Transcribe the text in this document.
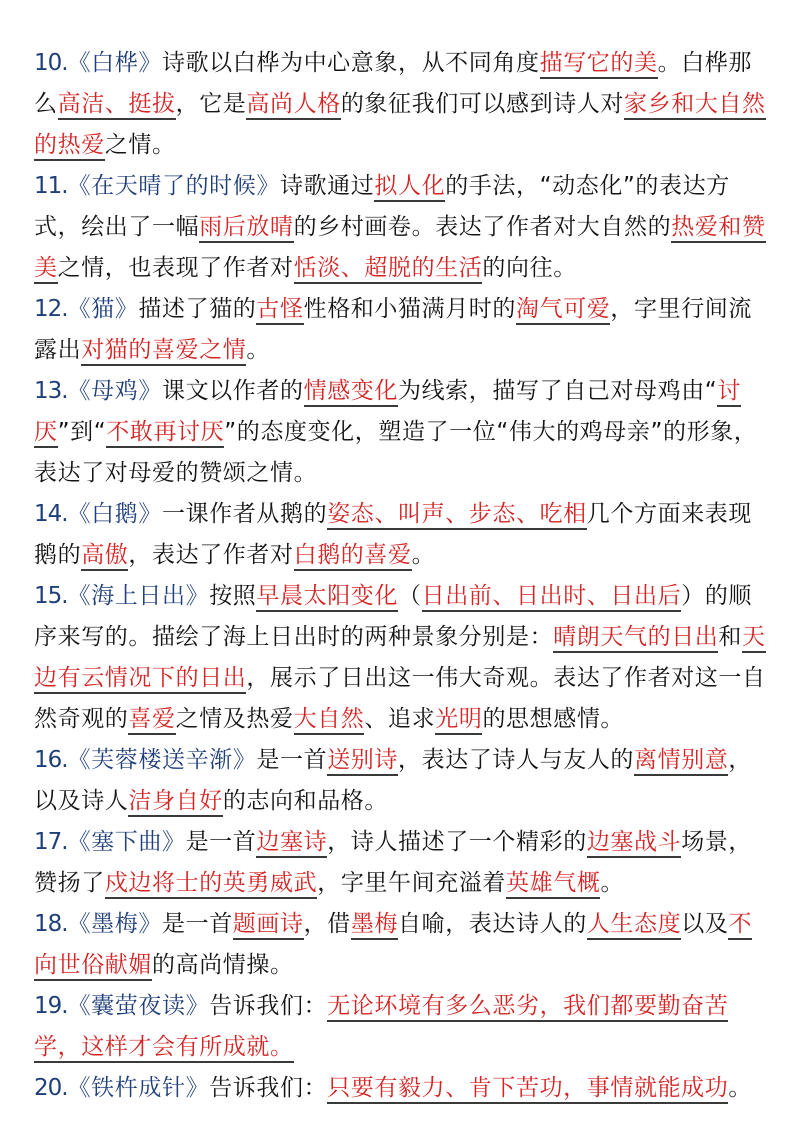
10.《白桦》诗歌以白桦为中心意象，从不同角度描写它的美。白桦那么高洁、挺拔，它是高尚人格的象征我们可以感到诗人对家乡和大自然的热爱之情。

11.《在天晴了的时候》诗歌通过拟人化的手法，“动态化”的表达方式，绘出了一幅雨后放晴的乡村画卷。表达了作者对大自然的热爱和赞美之情，也表现了作者对恬淡、超脱的生活的向往。

12.《猫》描述了猫的古怪性格和小猫满月时的淘气可爱，字里行间流露出对猫的喜爱之情。

13.《母鸡》课文以作者的情感变化为线索，描写了自己对母鸡由“讨厌”到“不敢再讨厌”的态度变化，塑造了一位“伟大的鸡母亲”的形象，表达了对母爱的赞颂之情。

14.《白鹅》一课作者从鹅的姿态、叫声、步态、吃相几个方面来表现鹅的高傲，表达了作者对白鹅的喜爱。

15.《海上日出》按照早晨太阳变化（日出前、日出时、日出后）的顺序来写的。描绘了海上日出时的两种景象分别是：晴朗天气的日出和天边有云情况下的日出，展示了日出这一伟大奇观。表达了作者对这一自然奇观的喜爱之情及热爱大自然、追求光明的思想感情。

16.《芙蓉楼送辛渐》是一首送别诗，表达了诗人与友人的离情别意，以及诗人洁身自好的志向和品格。

17.《塞下曲》是一首边塞诗，诗人描述了一个精彩的边塞战斗场景，赞扬了戍边将士的英勇威武，字里午间充溢着英雄气概。

18.《墨梅》是一首题画诗，借墨梅自喻，表达诗人的人生态度以及不向世俗献媚的高尚情操。

19.《囊萤夜读》告诉我们：无论环境有多么恶劣，我们都要勤奋苦学，这样才会有所成就。

20.《铁杵成针》告诉我们：只要有毅力、肯下苦功，事情就能成功。
